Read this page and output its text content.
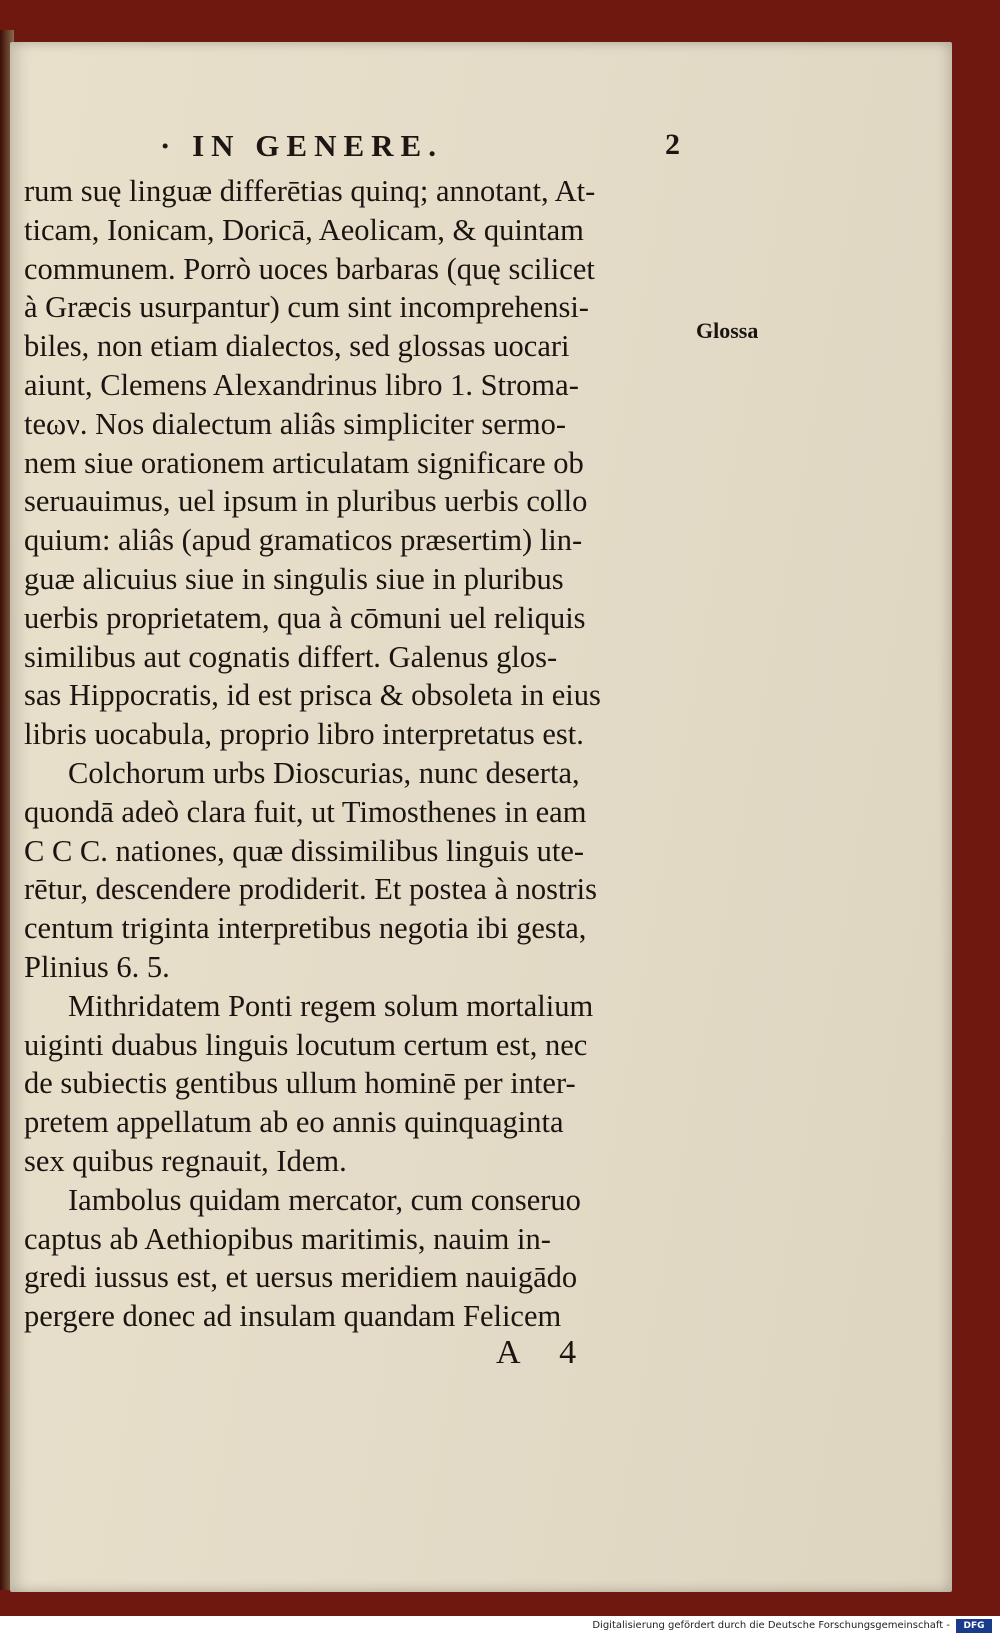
· IN GENERE.	2
rum suę linguæ differētias quinq; annotant, At-
ticam, Ionicam, Doricā, Aeolicam, & quintam
communem. Porrò uoces barbaras (quę scilicet
à Græcis usurpantur) cum sint incomprehensi-
biles, non etiam dialectos, sed glossas uocari
aiunt, Clemens Alexandrinus libro 1. Stroma-
teων. Nos dialectum aliâs simpliciter sermo-
nem siue orationem articulatam significare ob
seruauimus, uel ipsum in pluribus uerbis collo
quium: aliâs (apud gramaticos præsertim) lin-
guæ alicuius siue in singulis siue in pluribus
uerbis proprietatem, qua à cōmuni uel reliquis
similibus aut cognatis differt. Galenus glos-
sas Hippocratis, id est prisca & obsoleta in eius
libris uocabula, proprio libro interpretatus est.
Colchorum urbs Dioscurias, nunc deserta,
quondā adeò clara fuit, ut Timosthenes in eam
C C C. nationes, quæ dissimilibus linguis ute-
rētur, descendere prodiderit. Et postea à nostris
centum triginta interpretibus negotia ibi gesta,
Plinius 6. 5.
Mithridatem Ponti regem solum mortalium
uiginti duabus linguis locutum certum est, nec
de subiectis gentibus ullum hominē per inter-
pretem appellatum ab eo annis quinquaginta
sex quibus regnauit, Idem.
Iambolus quidam mercator, cum conseruo
captus ab Aethiopibus maritimis, nauim in-
gredi iussus est, et uersus meridiem nauigādo
pergere donec ad insulam quandam Felicem
Glossa
A 4
Digitalisierung gefördert durch die Deutsche Forschungsgemeinschaft -	DFG
